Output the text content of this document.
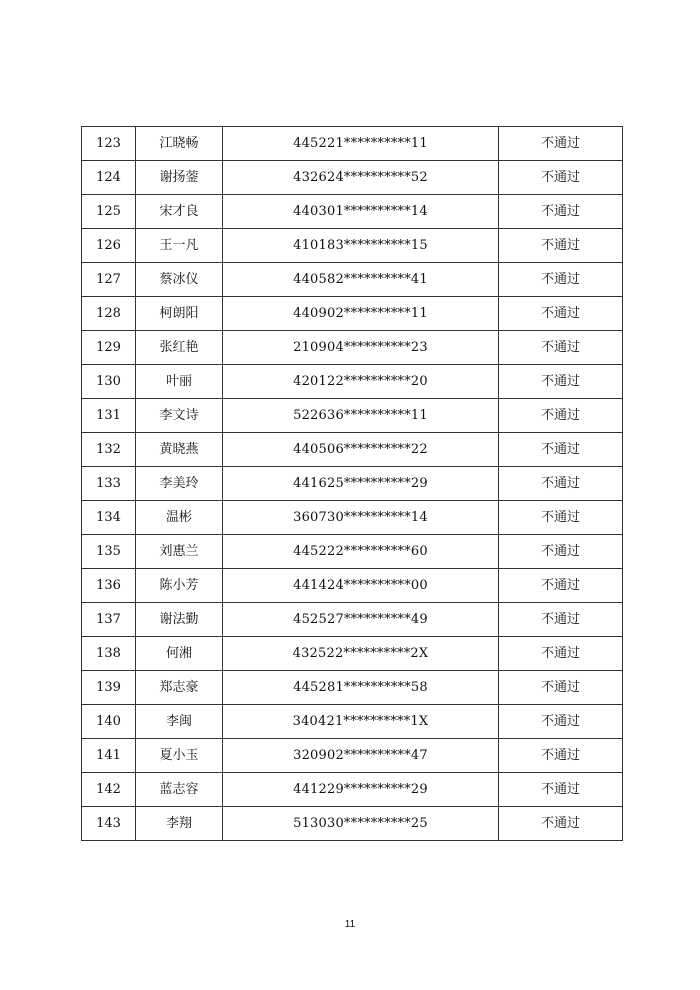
123	江晓畅	445221**********11	不通过
124	谢扬蓥	432624**********52	不通过
125	宋才良	440301**********14	不通过
126	王一凡	410183**********15	不通过
127	蔡冰仪	440582**********41	不通过
128	柯朗阳	440902**********11	不通过
129	张红艳	210904**********23	不通过
130	叶丽	420122**********20	不通过
131	李文诗	522636**********11	不通过
132	黄晓燕	440506**********22	不通过
133	李美玲	441625**********29	不通过
134	温彬	360730**********14	不通过
135	刘惠兰	445222**********60	不通过
136	陈小芳	441424**********00	不通过
137	谢法勤	452527**********49	不通过
138	何湘	432522**********2X	不通过
139	郑志豪	445281**********58	不通过
140	李闽	340421**********1X	不通过
141	夏小玉	320902**********47	不通过
142	蓝志容	441229**********29	不通过
143	李翔	513030**********25	不通过
11
